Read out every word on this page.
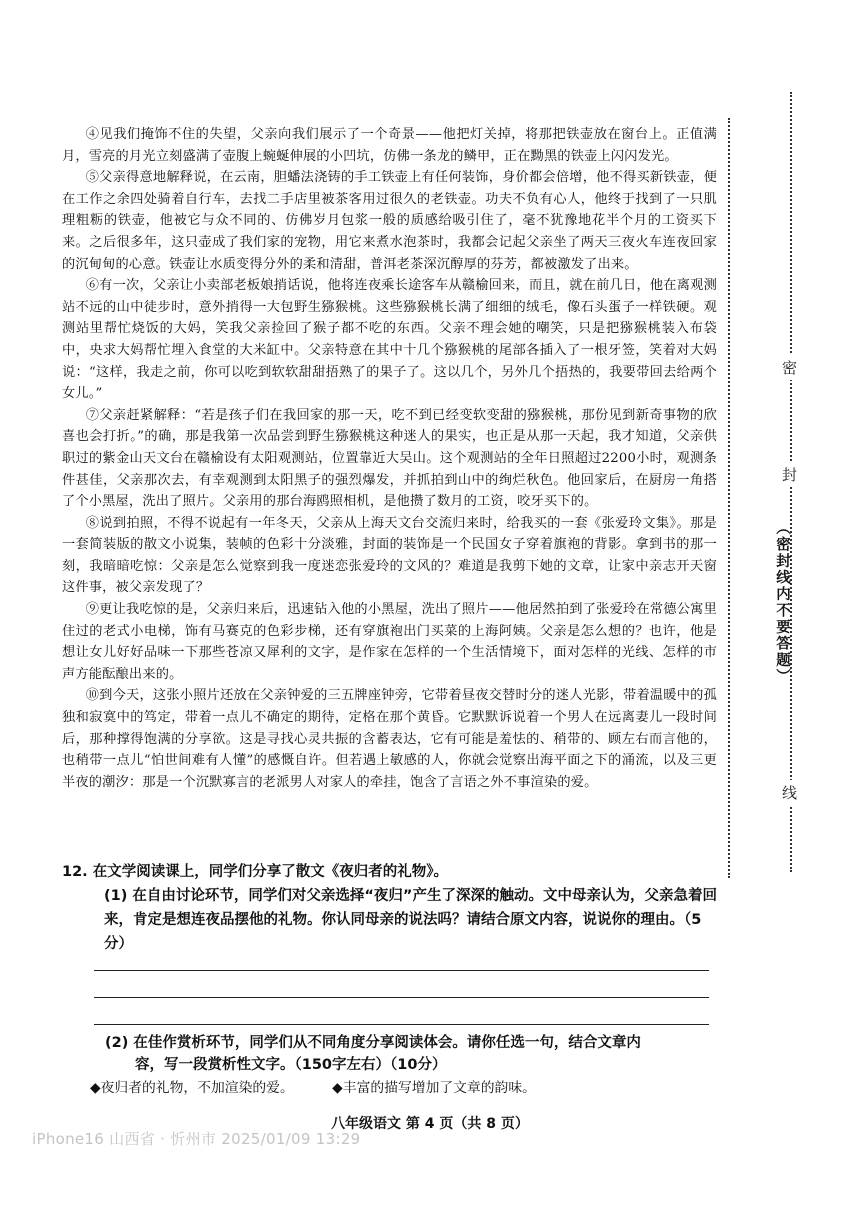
④见我们掩饰不住的失望，父亲向我们展示了一个奇景——他把灯关掉，将那把铁壶放在窗台上。正值满月，雪亮的月光立刻盛满了壶腹上蜿蜒伸展的小凹坑，仿佛一条龙的鳞甲，正在黝黑的铁壶上闪闪发光。

⑤父亲得意地解释说，在云南，胆蟠法浇铸的手工铁壶上有任何装饰，身价都会倍增，他不得买新铁壶，便在工作之余四处骑着自行车，去找二手店里被茶客用过很久的老铁壶。功夫不负有心人，他终于找到了一只肌理粗粝的铁壶，他被它与众不同的、仿佛岁月包浆一般的质感给吸引住了，毫不犹豫地花半个月的工资买下来。之后很多年，这只壶成了我们家的宠物，用它来煮水泡茶时，我都会记起父亲坐了两天三夜火车连夜回家的沉甸甸的心意。铁壶让水质变得分外的柔和清甜，普洱老茶深沉醇厚的芬芳，都被激发了出来。

⑥有一次，父亲让小卖部老板娘捎话说，他将连夜乘长途客车从赣榆回来，而且，就在前几日，他在离观测站不远的山中徒步时，意外捎得一大包野生猕猴桃。这些猕猴桃长满了细细的绒毛，像石头蛋子一样铁硬。观测站里帮忙烧饭的大妈，笑我父亲捡回了猴子都不吃的东西。父亲不理会她的嘲笑，只是把猕猴桃装入布袋中，央求大妈帮忙埋入食堂的大米缸中。父亲特意在其中十几个猕猴桃的尾部各插入了一根牙签，笑着对大妈说：“这样，我走之前，你可以吃到软软甜甜捂熟了的果子了。这以几个，另外几个捂热的，我要带回去给两个女儿。”

⑦父亲赶紧解释：“若是孩子们在我回家的那一天，吃不到已经变软变甜的猕猴桃，那份见到新奇事物的欣喜也会打折。”的确，那是我第一次品尝到野生猕猴桃这种迷人的果实，也正是从那一天起，我才知道，父亲供职过的紫金山天文台在赣榆设有太阳观测站，位置靠近大吴山。这个观测站的全年日照超过2200小时，观测条件甚佳，父亲那次去，有幸观测到太阳黑子的强烈爆发，并抓拍到山中的绚烂秋色。他回家后，在厨房一角搭了个小黑屋，洗出了照片。父亲用的那台海鸥照相机，是他攒了数月的工资，咬牙买下的。

⑧说到拍照，不得不说起有一年冬天，父亲从上海天文台交流归来时，给我买的一套《张爱玲文集》。那是一套简装版的散文小说集，装帧的色彩十分淡雅，封面的装饰是一个民国女子穿着旗袍的背影。拿到书的那一刻，我暗暗吃惊：父亲是怎么觉察到我一度迷恋张爱玲的文风的？难道是我剪下她的文章，让家中亲志开天窗这件事，被父亲发现了？

⑨更让我吃惊的是，父亲归来后，迅速钻入他的小黑屋，洗出了照片——他居然拍到了张爱玲在常德公寓里住过的老式小电梯，饰有马赛克的色彩步梯，还有穿旗袍出门买菜的上海阿姨。父亲是怎么想的？也许，他是想让女儿好好品味一下那些苍凉又犀利的文字，是作家在怎样的一个生活情境下，面对怎样的光线、怎样的市声方能酝酿出来的。

⑩到今天，这张小照片还放在父亲钟爱的三五牌座钟旁，它带着昼夜交替时分的迷人光影，带着温暖中的孤独和寂寞中的笃定，带着一点儿不确定的期待，定格在那个黄昏。它默默诉说着一个男人在远离妻儿一段时间后，那种撑得饱满的分享欲。这是寻找心灵共振的含蓄表达，它有可能是羞怯的、稍带的、顾左右而言他的，也稍带一点儿“怕世间难有人懂”的感慨自许。但若遇上敏感的人，你就会觉察出海平面之下的涌流，以及三更半夜的潮汐：那是一个沉默寡言的老派男人对家人的牵挂，饱含了言语之外不事渲染的爱。

12. 在文学阅读课上，同学们分享了散文《夜归者的礼物》。

(1) 在自由讨论环节，同学们对父亲选择“夜归”产生了深深的触动。文中母亲认为，父亲急着回来，肯定是想连夜品摆他的礼物。你认同母亲的说法吗？请结合原文内容，说说你的理由。（5分）

(2) 在佳作赏析环节，同学们从不同角度分享阅读体会。请你任选一句，结合文章内

容，写一段赏析性文字。（150字左右）（10分）

◆夜归者的礼物，不加渲染的爱。	◆丰富的描写增加了文章的韵味。
八年级语文 第 4 页（共 8 页）
iPhone16 山西省 · 忻州市 2025/01/09 13:29
密
封
线
（密封线内不要答题）
